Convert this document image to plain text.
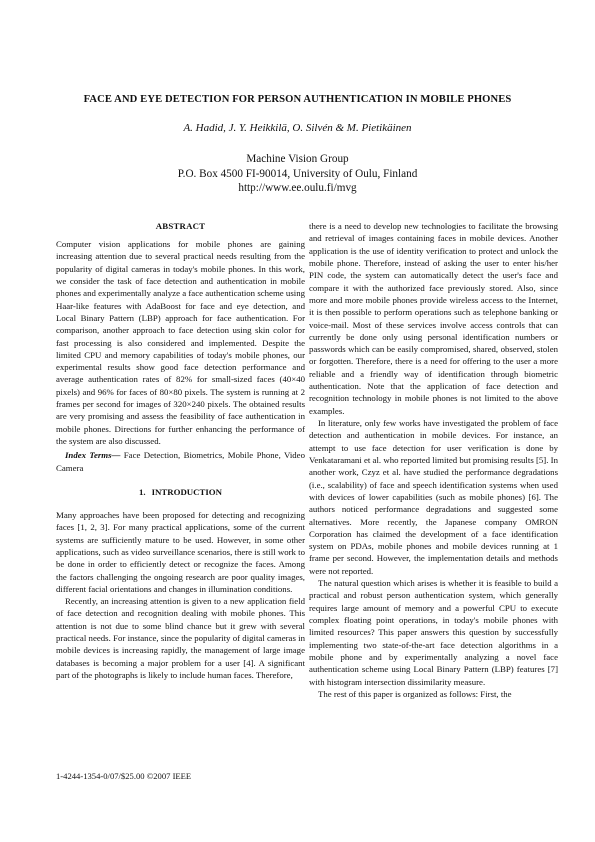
FACE AND EYE DETECTION FOR PERSON AUTHENTICATION IN MOBILE PHONES
A. Hadid, J. Y. Heikkilä, O. Silvén & M. Pietikäinen
Machine Vision Group
P.O. Box 4500 FI-90014, University of Oulu, Finland
http://www.ee.oulu.fi/mvg
ABSTRACT

Computer vision applications for mobile phones are gaining increasing attention due to several practical needs resulting from the popularity of digital cameras in today's mobile phones. In this work, we consider the task of face detection and authentication in mobile phones and experimentally analyze a face authentication scheme using Haar-like features with AdaBoost for face and eye detection, and Local Binary Pattern (LBP) approach for face authentication. For comparison, another approach to face detection using skin color for fast processing is also considered and implemented. Despite the limited CPU and memory capabilities of today's mobile phones, our experimental results show good face detection performance and average authentication rates of 82% for small-sized faces (40×40 pixels) and 96% for faces of 80×80 pixels. The system is running at 2 frames per second for images of 320×240 pixels. The obtained results are very promising and assess the feasibility of face authentication in mobile phones. Directions for further enhancing the performance of the system are also discussed.

Index Terms— Face Detection, Biometrics, Mobile Phone, Video Camera

1. INTRODUCTION

Many approaches have been proposed for detecting and recognizing faces [1, 2, 3]. For many practical applications, some of the current systems are sufficiently mature to be used. However, in some other applications, such as video surveillance scenarios, there is still work to be done in order to efficiently detect or recognize the faces. Among the factors challenging the ongoing research are poor quality images, different facial orientations and changes in illumination conditions.

Recently, an increasing attention is given to a new application field of face detection and recognition dealing with mobile phones. This attention is not due to some blind chance but it grew with several practical needs. For instance, since the popularity of digital cameras in mobile devices is increasing rapidly, the management of large image databases is becoming a major problem for a user [4]. A significant part of the photographs is likely to include human faces. Therefore,

there is a need to develop new technologies to facilitate the browsing and retrieval of images containing faces in mobile devices. Another application is the use of identity verification to protect and unlock the mobile phone. Therefore, instead of asking the user to enter his/her PIN code, the system can automatically detect the user's face and compare it with the authorized face previously stored. Also, since more and more mobile phones provide wireless access to the Internet, it is then possible to perform operations such as telephone banking or voice-mail. Most of these services involve access controls that can currently be done only using personal identification numbers or passwords which can be easily compromised, shared, observed, stolen or forgotten. Therefore, there is a need for offering to the user a more reliable and a friendly way of identification through biometric authentication. Note that the application of face detection and recognition technology in mobile phones is not limited to the above examples.

In literature, only few works have investigated the problem of face detection and authentication in mobile devices. For instance, an attempt to use face detection for user verification is done by Venkataramani et al. who reported limited but promising results [5]. In another work, Czyz et al. have studied the performance degradations (i.e., scalability) of face and speech identification systems when used with devices of lower capabilities (such as mobile phones) [6]. The authors noticed performance degradations and suggested some alternatives. More recently, the Japanese company OMRON Corporation has claimed the development of a face identification system on PDAs, mobile phones and mobile devices running at 1 frame per second. However, the implementation details and methods were not reported.

The natural question which arises is whether it is feasible to build a practical and robust person authentication system, which generally requires large amount of memory and a powerful CPU to execute complex floating point operations, in today's mobile phones with limited resources? This paper answers this question by successfully implementing two state-of-the-art face detection algorithms in a mobile phone and by experimentally analyzing a novel face authentication scheme using Local Binary Pattern (LBP) features [7] with histogram intersection dissimilarity measure.

The rest of this paper is organized as follows: First, the

1-4244-1354-0/07/$25.00 ©2007 IEEE
